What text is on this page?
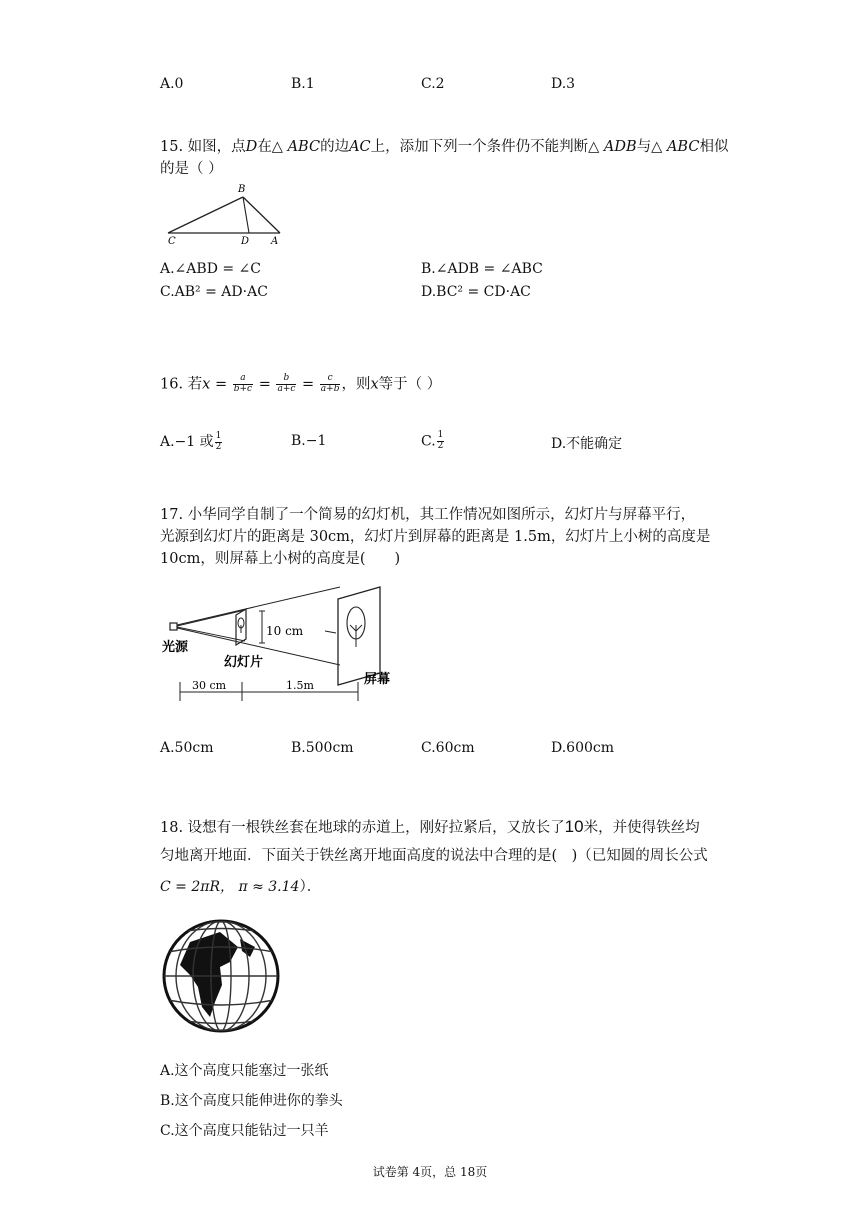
A.0	B.1	C.2	D.3
15. 如图，点D在△ ABC的边AC上，添加下列一个条件仍不能判断△ ADB与△ ABC相似
的是（ ）
B
C	D A
A.∠ABD = ∠C	B.∠ADB = ∠ABC
C.AB² = AD·AC	D.BC² = CD·AC
16. 若$x = \frac{a}{b+c} = \frac{b}{a+c} = \frac{c}{a+b}$ ，则x等于（ ）
A.−1 或 $\frac{1}{2}$	B.−1	C. $\frac{1}{2}$	D.不能确定
17. 小华同学自制了一个简易的幻灯机，其工作情况如图所示，幻灯片与屏幕平行，
光源到幻灯片的距离是 30cm，幻灯片到屏幕的距离是 1.5m，幻灯片上小树的高度是
10cm，则屏幕上小树的高度是(　　)
10 cm
光源
幻灯片
屏幕
30 cm	1.5m
A.50cm	B.500cm	C.60cm	D.600cm
18. 设想有一根铁丝套在地球的赤道上，刚好拉紧后，又放长了10米，并使得铁丝均
匀地离开地面．下面关于铁丝离开地面高度的说法中合理的是(　)（已知圆的周长公式
C = 2πR， π ≈ 3.14）．
A.这个高度只能塞过一张纸
B.这个高度只能伸进你的拳头
C.这个高度只能钻过一只羊
试卷第 4页，总 18页
